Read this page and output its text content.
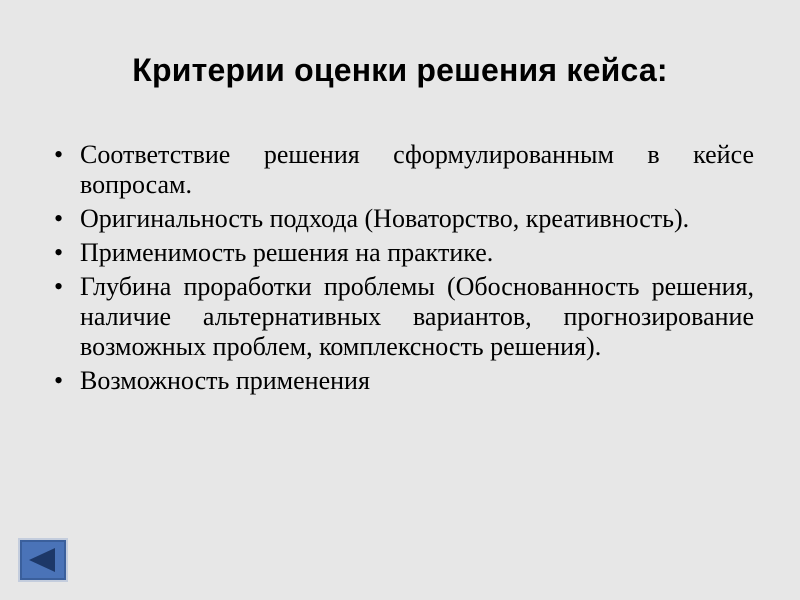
Критерии оценки решения кейса:
• Соответствие решения сформулированным в кейсе вопросам.
• Оригинальность подхода (Новаторство, креативность).
• Применимость решения на практике.
• Глубина проработки проблемы (Обоснованность решения, наличие альтернативных вариантов, прогнозирование возможных проблем, комплексность решения).
• Возможность применения
